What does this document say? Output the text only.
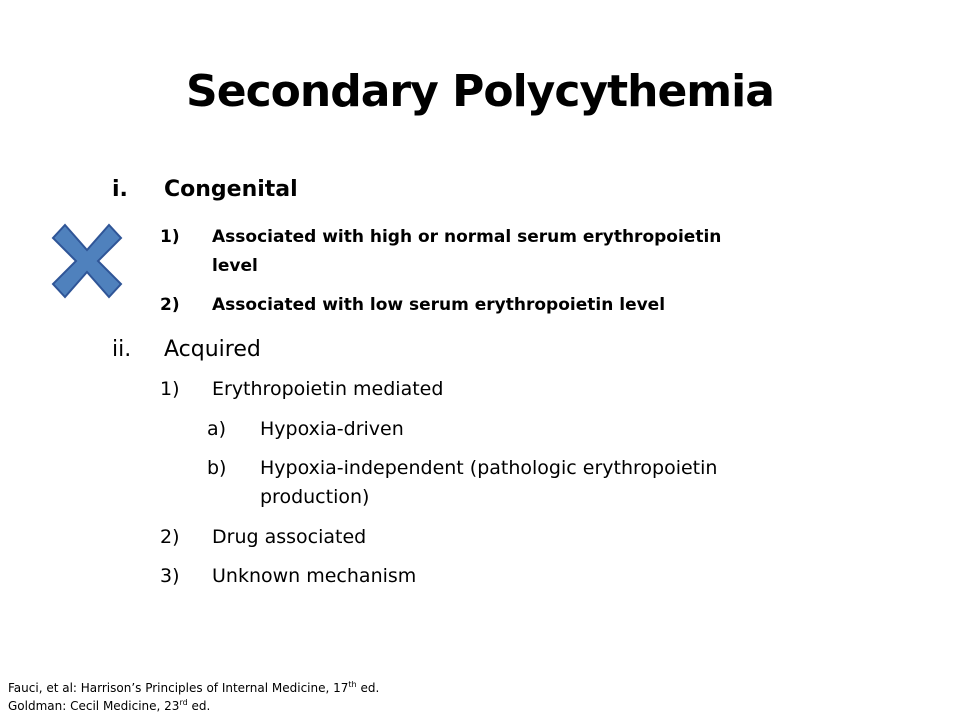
Secondary Polycythemia
i. Congenital
1) Associated with high or normal serum erythropoietin
level
2) Associated with low serum erythropoietin level
ii. Acquired
1) Erythropoietin mediated
a) Hypoxia-driven
b) Hypoxia-independent (pathologic erythropoietin
production)
2) Drug associated
3) Unknown mechanism
Fauci, et al: Harrison’s Principles of Internal Medicine, 17th ed.
Goldman: Cecil Medicine, 23rd ed.
